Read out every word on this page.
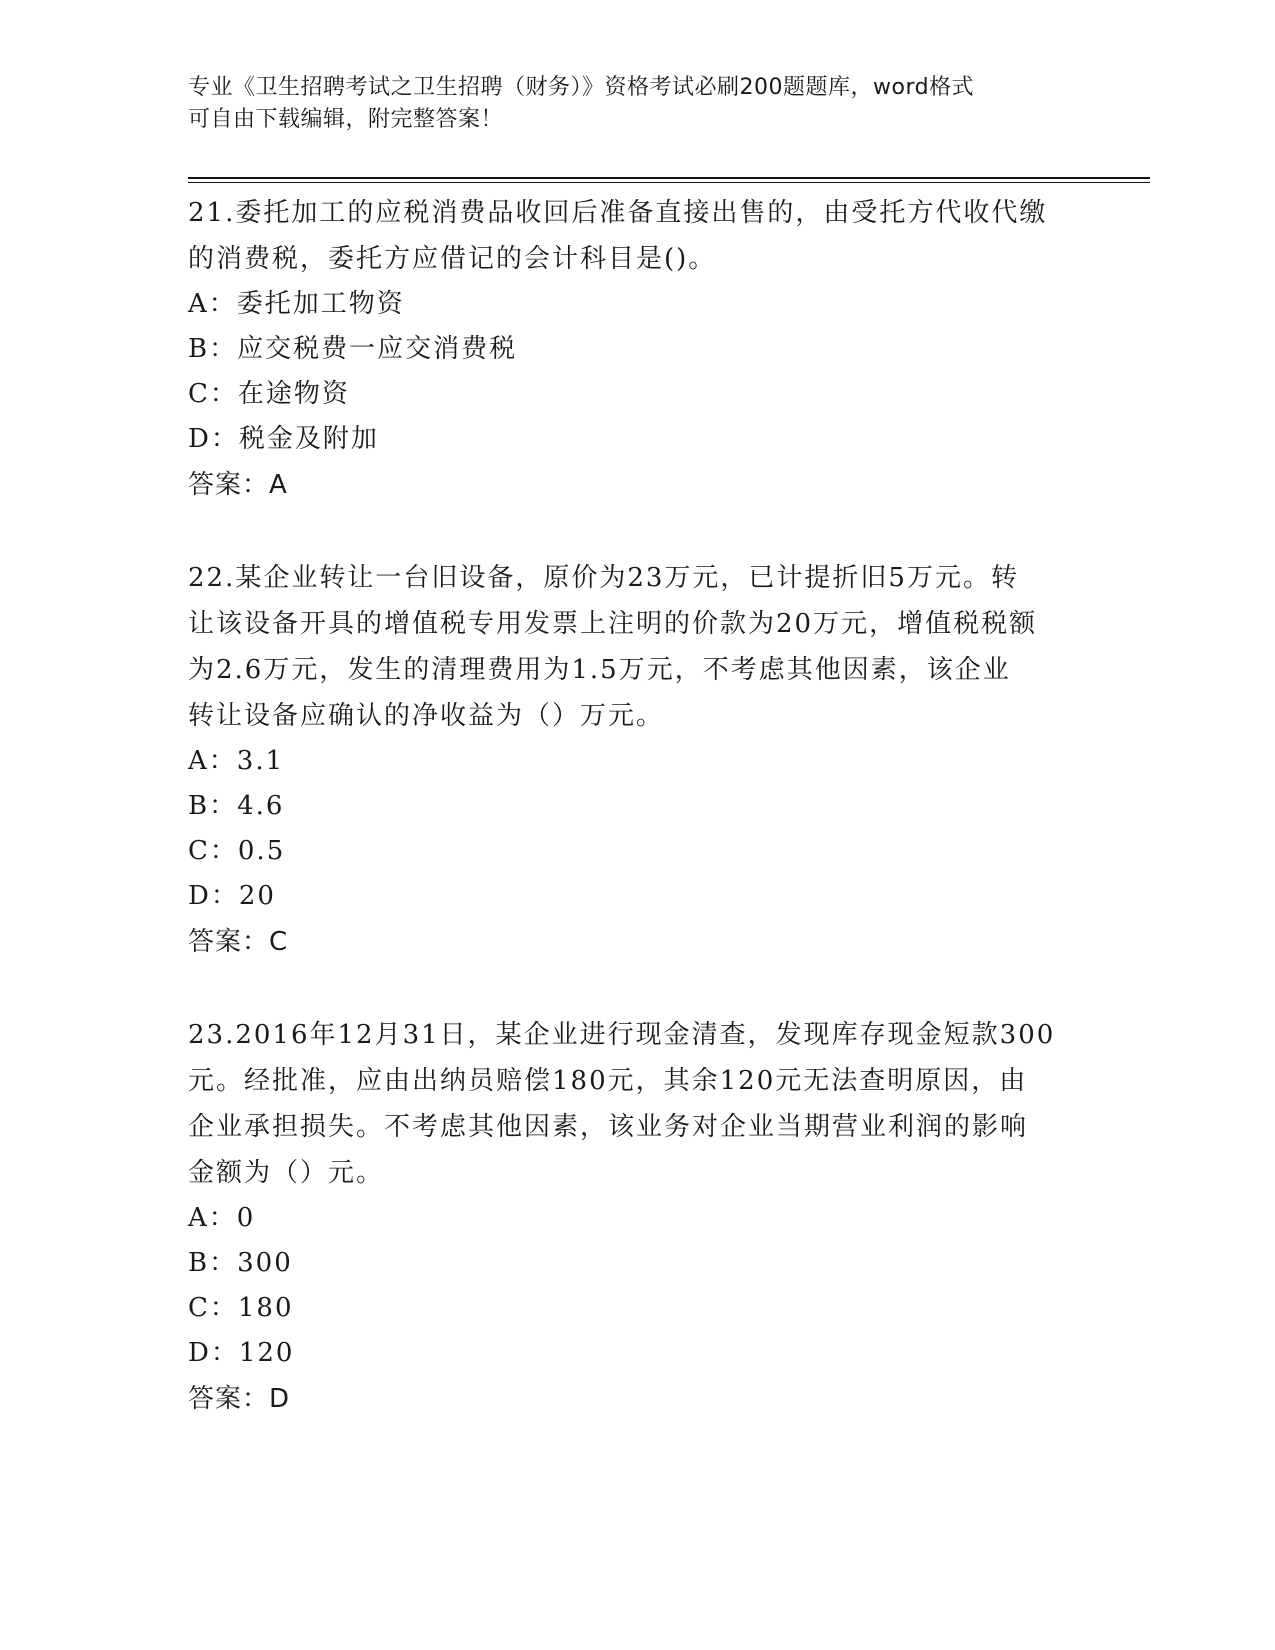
专业《卫生招聘考试之卫生招聘（财务）》资格考试必刷200题题库，word格式
可自由下载编辑，附完整答案！

21.委托加工的应税消费品收回后准备直接出售的，由受托方代收代缴

的消费税，委托方应借记的会计科目是()。

A：委托加工物资

B：应交税费一应交消费税

C：在途物资

D：税金及附加

答案：A

22.某企业转让一台旧设备，原价为23万元，已计提折旧5万元。转

让该设备开具的增值税专用发票上注明的价款为20万元，增值税税额

为2.6万元，发生的清理费用为1.5万元，不考虑其他因素，该企业

转让设备应确认的净收益为（）万元。

A：3.1

B：4.6

C：0.5

D：20

答案：C

23.2016年12月31日，某企业进行现金清查，发现库存现金短款300

元。经批准，应由出纳员赔偿180元，其余120元无法查明原因，由

企业承担损失。不考虑其他因素，该业务对企业当期营业利润的影响

金额为（）元。

A：0

B：300

C：180

D：120

答案：D
